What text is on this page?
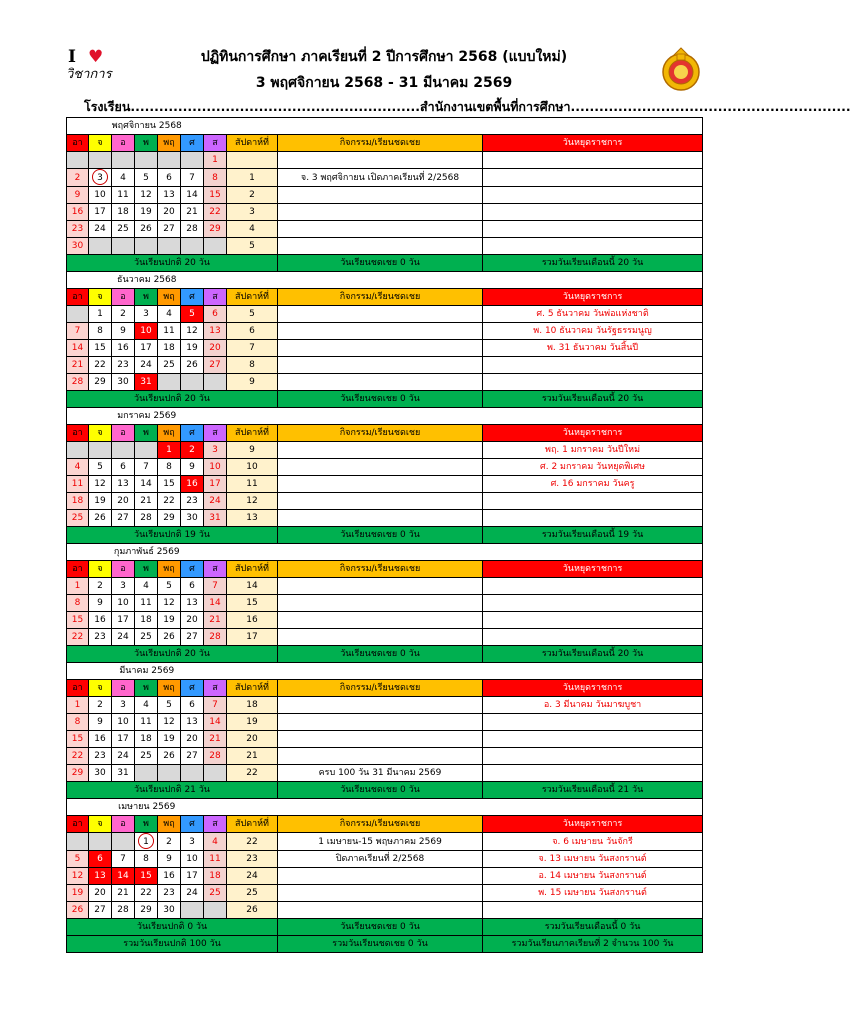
I ♥
วิชาการ
ปฏิทินการศึกษา ภาคเรียนที่ 2 ปีการศึกษา 2568 (แบบใหม่)
3 พฤศจิกายน 2568 - 31 มีนาคม 2569
โรงเรียน.............................................................สำนักงานเขตพื้นที่การศึกษา...........................................................
พฤศจิกายน 2568									
อา	จ	อ	พ	พฤ	ศ	ส	สัปดาห์ที่	กิจกรรม/เรียนชดเชย	วันหยุดราชการ
						1			
2	3	4	5	6	7	8	1	จ. 3 พฤศจิกายน เปิดภาคเรียนที่ 2/2568	
9	10	11	12	13	14	15	2		
16	17	18	19	20	21	22	3		
23	24	25	26	27	28	29	4		
30							5		
วันเรียนปกติ 20 วัน								วันเรียนชดเชย 0 วัน	รวมวันเรียนเดือนนี้ 20 วัน
ธันวาคม 2568									
อา	จ	อ	พ	พฤ	ศ	ส	สัปดาห์ที่	กิจกรรม/เรียนชดเชย	วันหยุดราชการ
	1	2	3	4	5	6	5		ศ. 5 ธันวาคม วันพ่อแห่งชาติ
7	8	9	10	11	12	13	6		พ. 10 ธันวาคม วันรัฐธรรมนูญ
14	15	16	17	18	19	20	7		พ. 31 ธันวาคม วันสิ้นปี
21	22	23	24	25	26	27	8		
28	29	30	31				9		
วันเรียนปกติ 20 วัน								วันเรียนชดเชย 0 วัน	รวมวันเรียนเดือนนี้ 20 วัน
มกราคม 2569									
อา	จ	อ	พ	พฤ	ศ	ส	สัปดาห์ที่	กิจกรรม/เรียนชดเชย	วันหยุดราชการ
				1	2	3	9		พฤ. 1 มกราคม วันปีใหม่
4	5	6	7	8	9	10	10		ศ. 2 มกราคม วันหยุดพิเศษ
11	12	13	14	15	16	17	11		ศ. 16 มกราคม วันครู
18	19	20	21	22	23	24	12		
25	26	27	28	29	30	31	13		
วันเรียนปกติ 19 วัน								วันเรียนชดเชย 0 วัน	รวมวันเรียนเดือนนี้ 19 วัน
กุมภาพันธ์ 2569									
อา	จ	อ	พ	พฤ	ศ	ส	สัปดาห์ที่	กิจกรรม/เรียนชดเชย	วันหยุดราชการ
1	2	3	4	5	6	7	14		
8	9	10	11	12	13	14	15		
15	16	17	18	19	20	21	16		
22	23	24	25	26	27	28	17		
วันเรียนปกติ 20 วัน								วันเรียนชดเชย 0 วัน	รวมวันเรียนเดือนนี้ 20 วัน
มีนาคม 2569									
อา	จ	อ	พ	พฤ	ศ	ส	สัปดาห์ที่	กิจกรรม/เรียนชดเชย	วันหยุดราชการ
1	2	3	4	5	6	7	18		อ. 3 มีนาคม วันมาฆบูชา
8	9	10	11	12	13	14	19		
15	16	17	18	19	20	21	20		
22	23	24	25	26	27	28	21		
29	30	31					22	ครบ 100 วัน 31 มีนาคม 2569	
วันเรียนปกติ 21 วัน								วันเรียนชดเชย 0 วัน	รวมวันเรียนเดือนนี้ 21 วัน
เมษายน 2569									
อา	จ	อ	พ	พฤ	ศ	ส	สัปดาห์ที่	กิจกรรม/เรียนชดเชย	วันหยุดราชการ
			1	2	3	4	22	1 เมษายน-15 พฤษภาคม 2569	จ. 6 เมษายน วันจักรี
5	6	7	8	9	10	11	23	ปิดภาคเรียนที่ 2/2568	จ. 13 เมษายน วันสงกรานต์
12	13	14	15	16	17	18	24		อ. 14 เมษายน วันสงกรานต์
19	20	21	22	23	24	25	25		พ. 15 เมษายน วันสงกรานต์
26	27	28	29	30			26		
วันเรียนปกติ 0 วัน								วันเรียนชดเชย 0 วัน	รวมวันเรียนเดือนนี้ 0 วัน
รวมวันเรียนปกติ 100 วัน								รวมวันเรียนชดเชย 0 วัน	รวมวันเรียนภาคเรียนที่ 2 จำนวน 100 วัน
